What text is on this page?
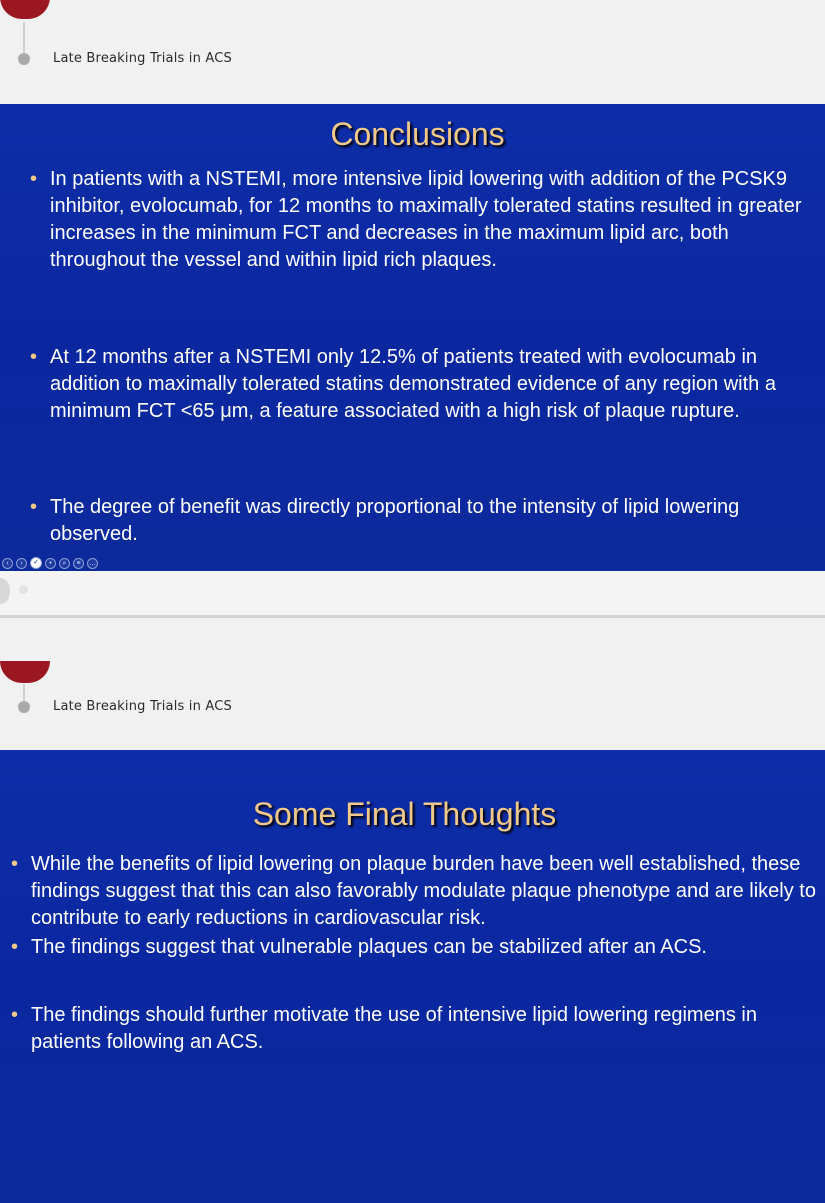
Late Breaking Trials in ACS
Conclusions
• In patients with a NSTEMI, more intensive lipid lowering with addition of the PCSK9 inhibitor, evolocumab, for 12 months to maximally tolerated statins resulted in greater increases in the minimum FCT and decreases in the maximum lipid arc, both throughout the vessel and within lipid rich plaques.
• At 12 months after a NSTEMI only 12.5% of patients treated with evolocumab in addition to maximally tolerated statins demonstrated evidence of any region with a minimum FCT <65 μm, a feature associated with a high risk of plaque rupture.
• The degree of benefit was directly proportional to the intensity of lipid lowering observed.
‹	›	✓	•	⌕	≡	…
Late Breaking Trials in ACS
Some Final Thoughts
• While the benefits of lipid lowering on plaque burden have been well established, these findings suggest that this can also favorably modulate plaque phenotype and are likely to contribute to early reductions in cardiovascular risk.
• The findings suggest that vulnerable plaques can be stabilized after an ACS.
• The findings should further motivate the use of intensive lipid lowering regimens in patients following an ACS.
